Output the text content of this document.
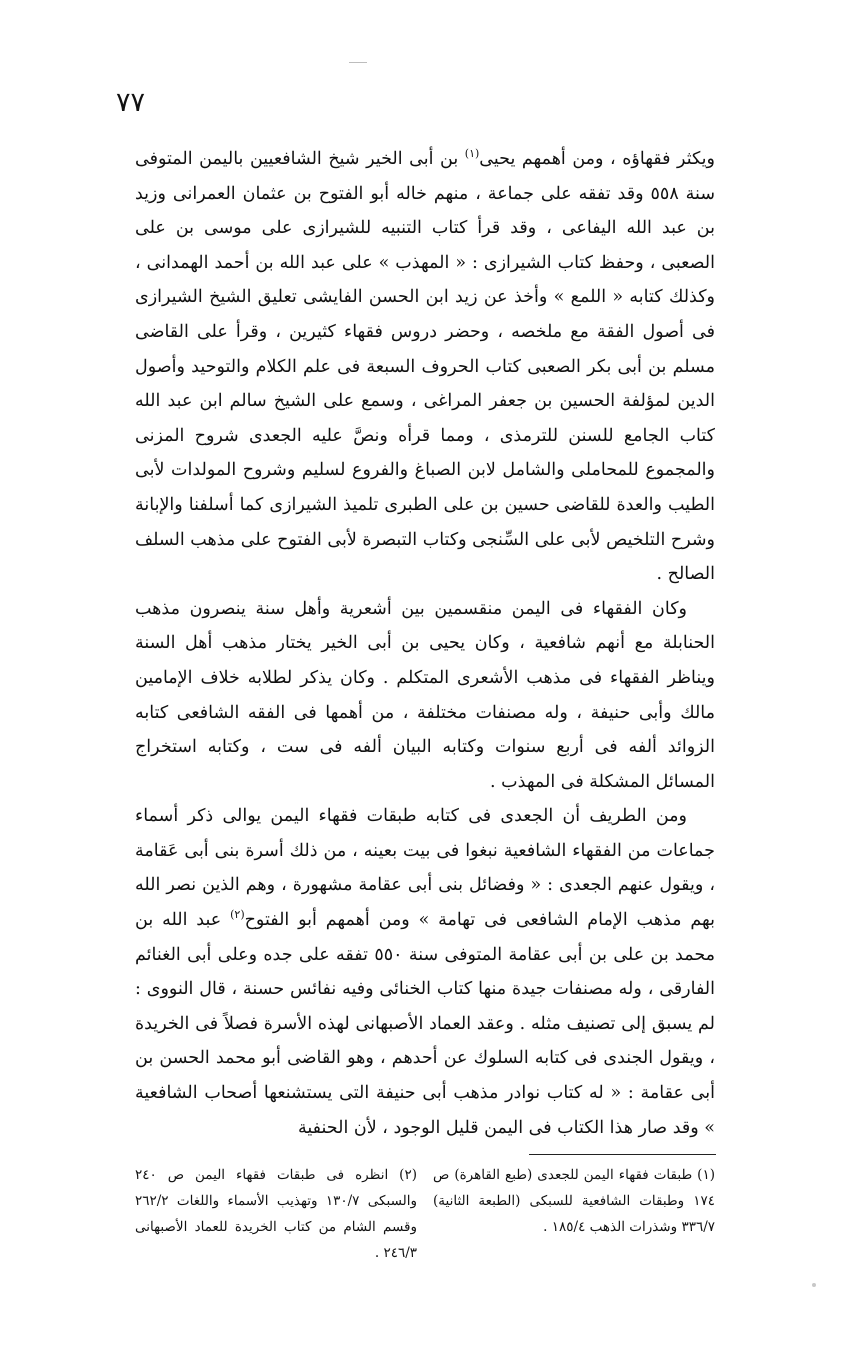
٧٧

ويكثر فقهاؤه ، ومن أهمهم يحيى$^{(١)}$ بن أبى الخير شيخ الشافعيين باليمن المتوفى سنة ٥٥٨ وقد تفقه على جماعة ، منهم خاله أبو الفتوح بن عثمان العمرانى وزيد بن عبد الله اليفاعى ، وقد قرأ كتاب التنبيه للشيرازى على موسى بن على الصعبى ، وحفظ كتاب الشيرازى : « المهذب » على عبد الله بن أحمد الهمدانى ، وكذلك كتابه « اللمع » وأخذ عن زيد ابن الحسن الفايشى تعليق الشيخ الشيرازى فى أصول الفقة مع ملخصه ، وحضر دروس فقهاء كثيرين ، وقرأ على القاضى مسلم بن أبى بكر الصعبى كتاب الحروف السبعة فى علم الكلام والتوحيد وأصول الدين لمؤلفة الحسين بن جعفر المراغى ، وسمع على الشيخ سالم ابن عبد الله كتاب الجامع للسنن للترمذى ، ومما قرأه ونصَّ عليه الجعدى شروح المزنى والمجموع للمحاملى والشامل لابن الصباغ والفروع لسليم وشروح المولدات لأبى الطيب والعدة للقاضى حسين بن على الطبرى تلميذ الشيرازى كما أسلفنا والإبانة وشرح التلخيص لأبى على السِّنجى وكتاب التبصرة لأبى الفتوح على مذهب السلف الصالح .

وكان الفقهاء فى اليمن منقسمين بين أشعرية وأهل سنة ينصرون مذهب الحنابلة مع أنهم شافعية ، وكان يحيى بن أبى الخير يختار مذهب أهل السنة ويناظر الفقهاء فى مذهب الأشعرى المتكلم . وكان يذكر لطلابه خلاف الإمامين مالك وأبى حنيفة ، وله مصنفات مختلفة ، من أهمها فى الفقه الشافعى كتابه الزوائد ألفه فى أربع سنوات وكتابه البيان ألفه فى ست ، وكتابه استخراج المسائل المشكلة فى المهذب .

ومن الطريف أن الجعدى فى كتابه طبقات فقهاء اليمن يوالى ذكر أسماء جماعات من الفقهاء الشافعية نبغوا فى بيت بعينه ، من ذلك أسرة بنى أبى عَقامة ، ويقول عنهم الجعدى : « وفضائل بنى أبى عقامة مشهورة ، وهم الذين نصر الله بهم مذهب الإمام الشافعى فى تهامة » ومن أهمهم أبو الفتوح$^{(٢)}$ عبد الله بن محمد بن على بن أبى عقامة المتوفى سنة ٥٥٠ تفقه على جده وعلى أبى الغنائم الفارقى ، وله مصنفات جيدة منها كتاب الخنائى وفيه نفائس حسنة ، قال النووى : لم يسبق إلى تصنيف مثله . وعقد العماد الأصبهانى لهذه الأسرة فصلاً فى الخريدة ، ويقول الجندى فى كتابه السلوك عن أحدهم ، وهو القاضى أبو محمد الحسن بن أبى عقامة : « له كتاب نوادر مذهب أبى حنيفة التى يستشنعها أصحاب الشافعية » وقد صار هذا الكتاب فى اليمن قليل الوجود ، لأن الحنفية

(١) طبقات فقهاء اليمن للجعدى (طبع القاهرة) ص ١٧٤ وطبقات الشافعية للسبكى (الطبعة الثانية) ٣٣٦/٧ وشذرات الذهب ١٨٥/٤ .
(٢) انظره فى طبقات فقهاء اليمن ص ٢٤٠ والسبكى ١٣٠/٧ وتهذيب الأسماء واللغات ٢٦٢/٢ وقسم الشام من كتاب الخريدة للعماد الأصبهانى ٢٤٦/٣ .
